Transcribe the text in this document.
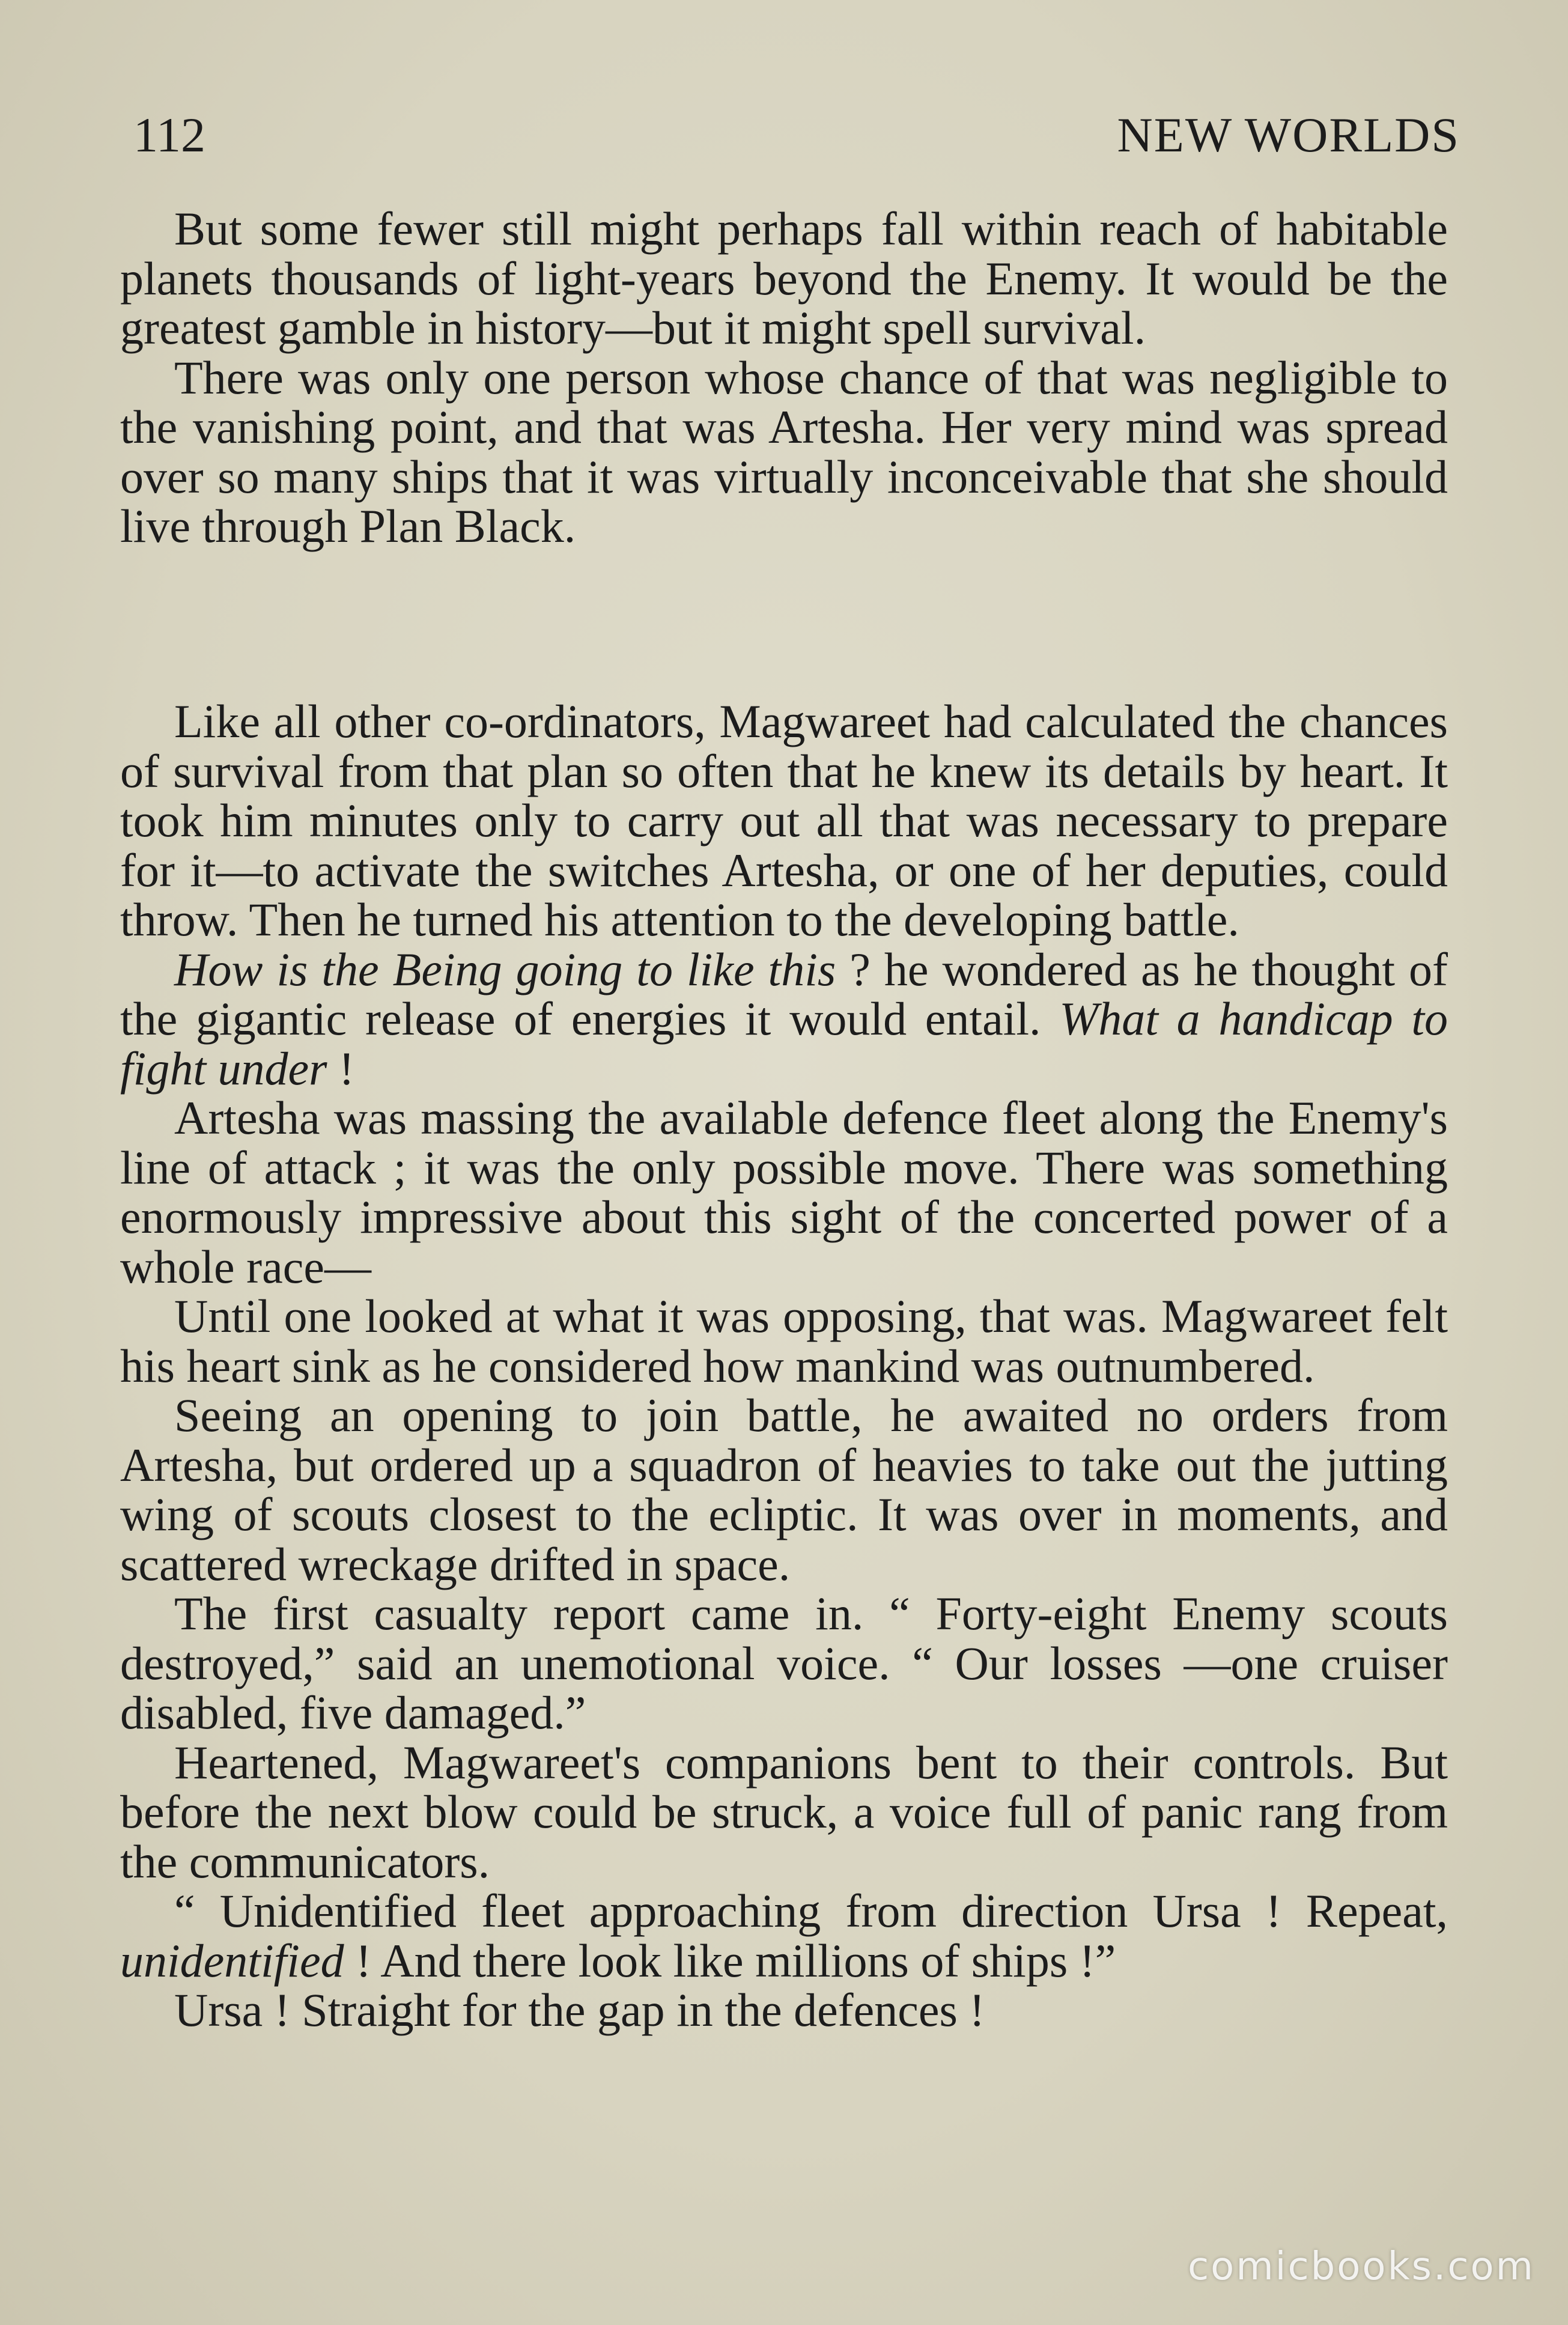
112	NEW WORLDS

But some fewer still might perhaps fall within reach of habitable planets thousands of light-years beyond the Enemy. It would be the greatest gamble in history—but it might spell survival.

There was only one person whose chance of that was negligible to the vanishing point, and that was Artesha. Her very mind was spread over so many ships that it was virtually inconceivable that she should live through Plan Black.

Like all other co-ordinators, Magwareet had calculated the chances of survival from that plan so often that he knew its details by heart. It took him minutes only to carry out all that was necessary to prepare for it—to activate the switches Artesha, or one of her deputies, could throw. Then he turned his attention to the developing battle.

How is the Being going to like this ? he wondered as he thought of the gigantic release of energies it would entail. What a handicap to fight under !

Artesha was massing the available defence fleet along the Enemy's line of attack ; it was the only possible move. There was something enormously impressive about this sight of the concerted power of a whole race—

Until one looked at what it was opposing, that was. Magwareet felt his heart sink as he considered how mankind was outnumbered.

Seeing an opening to join battle, he awaited no orders from Artesha, but ordered up a squadron of heavies to take out the jutting wing of scouts closest to the ecliptic. It was over in moments, and scattered wreckage drifted in space.

The first casualty report came in. “ Forty-eight Enemy scouts destroyed,” said an unemotional voice. “ Our losses —one cruiser disabled, five damaged.”

Heartened, Magwareet's companions bent to their controls. But before the next blow could be struck, a voice full of panic rang from the communicators.

“ Unidentified fleet approaching from direction Ursa ! Repeat, unidentified ! And there look like millions of ships !”

Ursa ! Straight for the gap in the defences !

comicbooks.com
